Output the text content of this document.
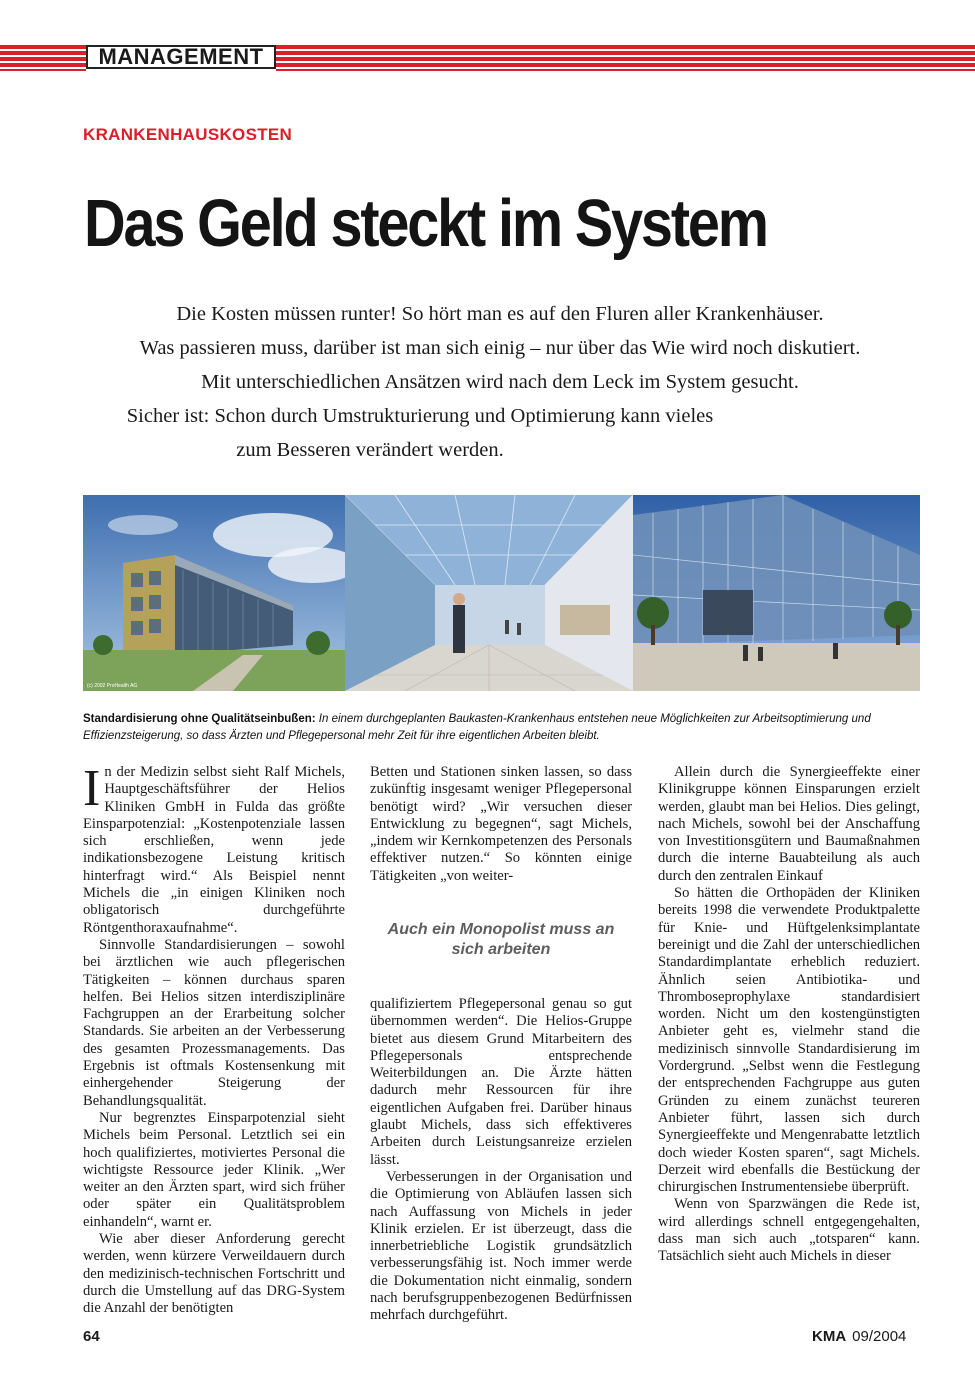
MANAGEMENT
KRANKENHAUSKOSTEN
Das Geld steckt im System
Die Kosten müssen runter! So hört man es auf den Fluren aller Krankenhäuser.
Was passieren muss, darüber ist man sich einig – nur über das Wie wird noch diskutiert.
Mit unterschiedlichen Ansätzen wird nach dem Leck im System gesucht.
Sicher ist: Schon durch Umstrukturierung und Optimierung kann vieles
zum Besseren verändert werden.
(c) 2002 ProHealth AG
Standardisierung ohne Qualitätseinbußen: In einem durchgeplanten Baukasten-Krankenhaus entstehen neue Möglichkeiten zur Arbeitsoptimierung und Effizienzsteigerung, so dass Ärzten und Pflegepersonal mehr Zeit für ihre eigentlichen Arbeiten bleibt.

In der Medizin selbst sieht Ralf Michels, Hauptgeschäftsführer der Helios Kliniken GmbH in Fulda das größte Einsparpotenzial: „Kostenpotenziale lassen sich erschließen, wenn jede indikationsbezogene Leistung kritisch hinterfragt wird.“ Als Beispiel nennt Michels die „in einigen Kliniken noch obligatorisch durchgeführte Röntgenthoraxaufnahme“.

Sinnvolle Standardisierungen – sowohl bei ärztlichen wie auch pflegerischen Tätigkeiten – können durchaus sparen helfen. Bei Helios sitzen interdisziplinäre Fachgruppen an der Erarbeitung solcher Standards. Sie arbeiten an der Verbesserung des gesamten Prozessmanagements. Das Ergebnis ist oftmals Kostensenkung mit einhergehender Steigerung der Behandlungsqualität.

Nur begrenztes Einsparpotenzial sieht Michels beim Personal. Letztlich sei ein hoch qualifiziertes, motiviertes Personal die wichtigste Ressource jeder Klinik. „Wer weiter an den Ärzten spart, wird sich früher oder später ein Qualitätsproblem einhandeln“, warnt er.

Wie aber dieser Anforderung gerecht werden, wenn kürzere Verweildauern durch den medizinisch-technischen Fortschritt und durch die Umstellung auf das DRG-System die Anzahl der benötigten

Betten und Stationen sinken lassen, so dass zukünftig insgesamt weniger Pflegepersonal benötigt wird? „Wir versuchen dieser Entwicklung zu begegnen“, sagt Michels, „indem wir Kernkompetenzen des Personals effektiver nutzen.“ So könnten einige Tätigkeiten „von weiter-

Auch ein Monopolist muss an sich arbeiten

qualifiziertem Pflegepersonal genau so gut übernommen werden“. Die Helios-Gruppe bietet aus diesem Grund Mitarbeitern des Pflegepersonals entsprechende Weiterbildungen an. Die Ärzte hätten dadurch mehr Ressourcen für ihre eigentlichen Aufgaben frei. Darüber hinaus glaubt Michels, dass sich effektiveres Arbeiten durch Leistungsanreize erzielen lässt.

Verbesserungen in der Organisation und die Optimierung von Abläufen lassen sich nach Auffassung von Michels in jeder Klinik erzielen. Er ist überzeugt, dass die innerbetriebliche Logistik grundsätzlich verbesserungsfähig ist. Noch immer werde die Dokumentation nicht einmalig, sondern nach berufsgruppenbezogenen Bedürfnissen mehrfach durchgeführt.

Allein durch die Synergieeffekte einer Klinikgruppe können Einsparungen erzielt werden, glaubt man bei Helios. Dies gelingt, nach Michels, sowohl bei der Anschaffung von Investitionsgütern und Baumaßnahmen durch die interne Bauabteilung als auch durch den zentralen Einkauf

So hätten die Orthopäden der Kliniken bereits 1998 die verwendete Produktpalette für Knie- und Hüftgelenksimplantate bereinigt und die Zahl der unterschiedlichen Standardimplantate erheblich reduziert. Ähnlich seien Antibiotika- und Thromboseprophylaxe standardisiert worden. Nicht um den kostengünstigten Anbieter geht es, vielmehr stand die medizinisch sinnvolle Standardisierung im Vordergrund. „Selbst wenn die Festlegung der entsprechenden Fachgruppe aus guten Gründen zu einem zunächst teureren Anbieter führt, lassen sich durch Synergieeffekte und Mengenrabatte letztlich doch wieder Kosten sparen“, sagt Michels. Derzeit wird ebenfalls die Bestückung der chirurgischen Instrumentensiebe überprüft.

Wenn von Sparzwängen die Rede ist, wird allerdings schnell entgegengehalten, dass man sich auch „totsparen“ kann. Tatsächlich sieht auch Michels in dieser

64	KMA 09/2004
